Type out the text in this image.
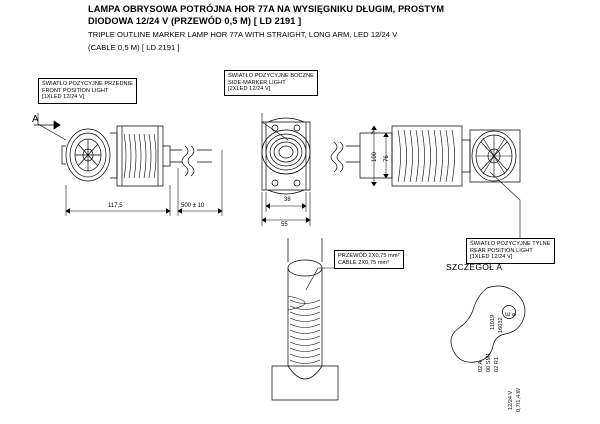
LAMPA OBRYSOWA POTRÓJNA HOR 77A NA WYSIĘGNIKU DŁUGIM, PROSTYM
DIODOWA 12/24 V (PRZEWÓD 0,5 M) [ LD 2191 ]
TRIPLE OUTLINE MARKER LAMP HOR 77A WITH STRAIGHT, LONG ARM, LED 12/24 V
(CABLE 0,5 M) [ LD 2191 ]
ŚWIATŁO POZYCYJNE PRZEDNIE
FRONT POSITION LIGHT
[1XLED 12/24 V]
ŚWIATŁO POZYCYJNE BOCZNE
SIDE-MARKER LIGHT
[2XLED 12/24 V]
ŚWIATŁO POZYCYJNE TYLNE
REAR POSITION LIGHT
[1XLED 12/24 V]
PRZEWÓD 2X0,75 mm²
CABLE 2X0,75 mm²
117,5	500 ± 10
38
55
100 76
A
SZCZEGÓŁ A
11919 16032
E 9
02 A 00 SM1 02 R1
12/24 V 0,7/1,4 W
